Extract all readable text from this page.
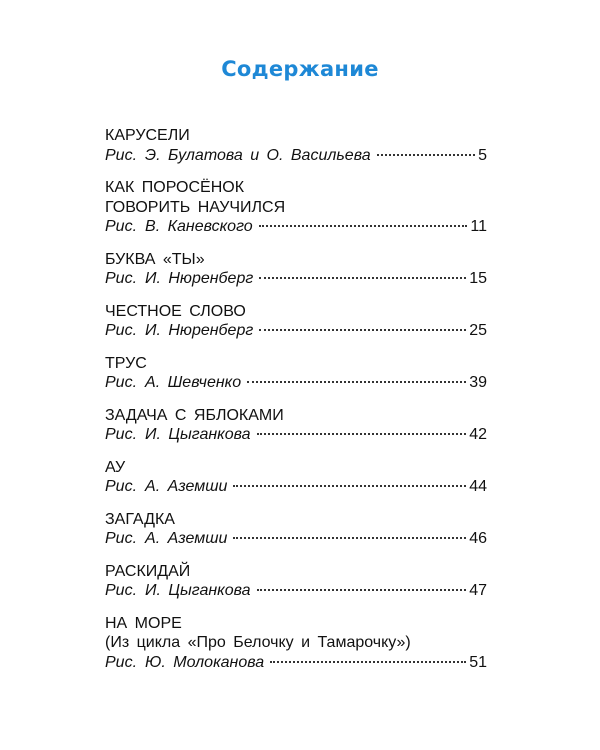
Содержание
КАРУСЕЛИ
Рис. Э. Булатова и О. Васильева	5
КАК ПОРОСЁНОК
ГОВОРИТЬ НАУЧИЛСЯ
Рис. В. Каневского	11
БУКВА «ТЫ»
Рис. И. Нюренберг	15
ЧЕСТНОЕ СЛОВО
Рис. И. Нюренберг	25
ТРУС
Рис. А. Шевченко	39
ЗАДАЧА С ЯБЛОКАМИ
Рис. И. Цыганкова	42
АУ
Рис. А. Аземши	44
ЗАГАДКА
Рис. А. Аземши	46
РАСКИДАЙ
Рис. И. Цыганкова	47
НА МОРЕ
(Из цикла «Про Белочку и Тамарочку»)
Рис. Ю. Молоканова	51
